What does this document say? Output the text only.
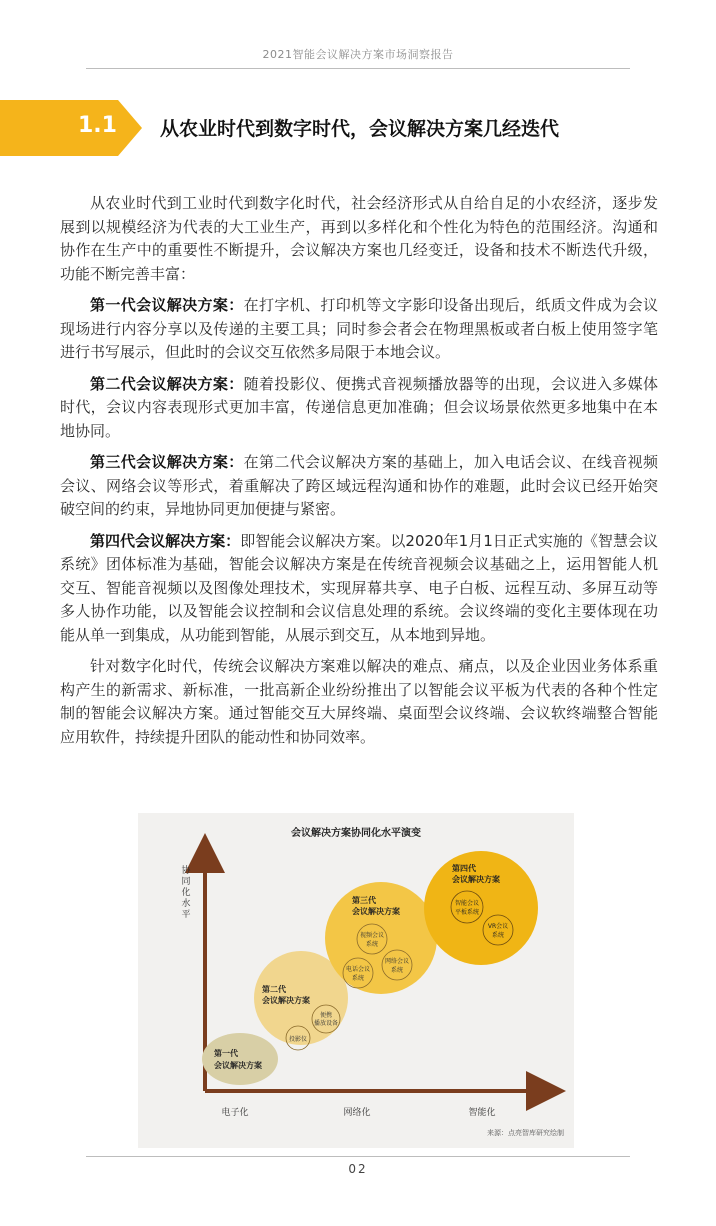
2021智能会议解决方案市场洞察报告
1.1 从农业时代到数字时代，会议解决方案几经迭代

从农业时代到工业时代到数字化时代，社会经济形式从自给自足的小农经济，逐步发展到以规模经济为代表的大工业生产，再到以多样化和个性化为特色的范围经济。沟通和协作在生产中的重要性不断提升，会议解决方案也几经变迁，设备和技术不断迭代升级，功能不断完善丰富：

第一代会议解决方案：在打字机、打印机等文字影印设备出现后，纸质文件成为会议现场进行内容分享以及传递的主要工具；同时参会者会在物理黑板或者白板上使用签字笔进行书写展示，但此时的会议交互依然多局限于本地会议。

第二代会议解决方案：随着投影仪、便携式音视频播放器等的出现，会议进入多媒体时代，会议内容表现形式更加丰富，传递信息更加准确；但会议场景依然更多地集中在本地协同。

第三代会议解决方案：在第二代会议解决方案的基础上，加入电话会议、在线音视频会议、网络会议等形式，着重解决了跨区域远程沟通和协作的难题，此时会议已经开始突破空间的约束，异地协同更加便捷与紧密。

第四代会议解决方案：即智能会议解决方案。以2020年1月1日正式实施的《智慧会议系统》团体标准为基础，智能会议解决方案是在传统音视频会议基础之上，运用智能人机交互、智能音视频以及图像处理技术，实现屏幕共享、电子白板、远程互动、多屏互动等多人协作功能，以及智能会议控制和会议信息处理的系统。会议终端的变化主要体现在功能从单一到集成，从功能到智能，从展示到交互，从本地到异地。

针对数字化时代，传统会议解决方案难以解决的难点、痛点，以及企业因业务体系重构产生的新需求、新标准，一批高新企业纷纷推出了以智能会议平板为代表的各种个性定制的智能会议解决方案。通过智能交互大屏终端、桌面型会议终端、会议软终端整合智能应用软件，持续提升团队的能动性和协同效率。

会议解决方案协同化水平演变
协
同
化
水
平
电子化	网络化	智能化
第一代
会议解决方案
第二代
会议解决方案
投影仪
便携
播放设备
第三代
会议解决方案
视频会议
系统
电话会议
系统
网络会议
系统
第四代
会议解决方案
智能会议
平板系统
VR会议
系统
来源：点亮智库研究绘制
02
